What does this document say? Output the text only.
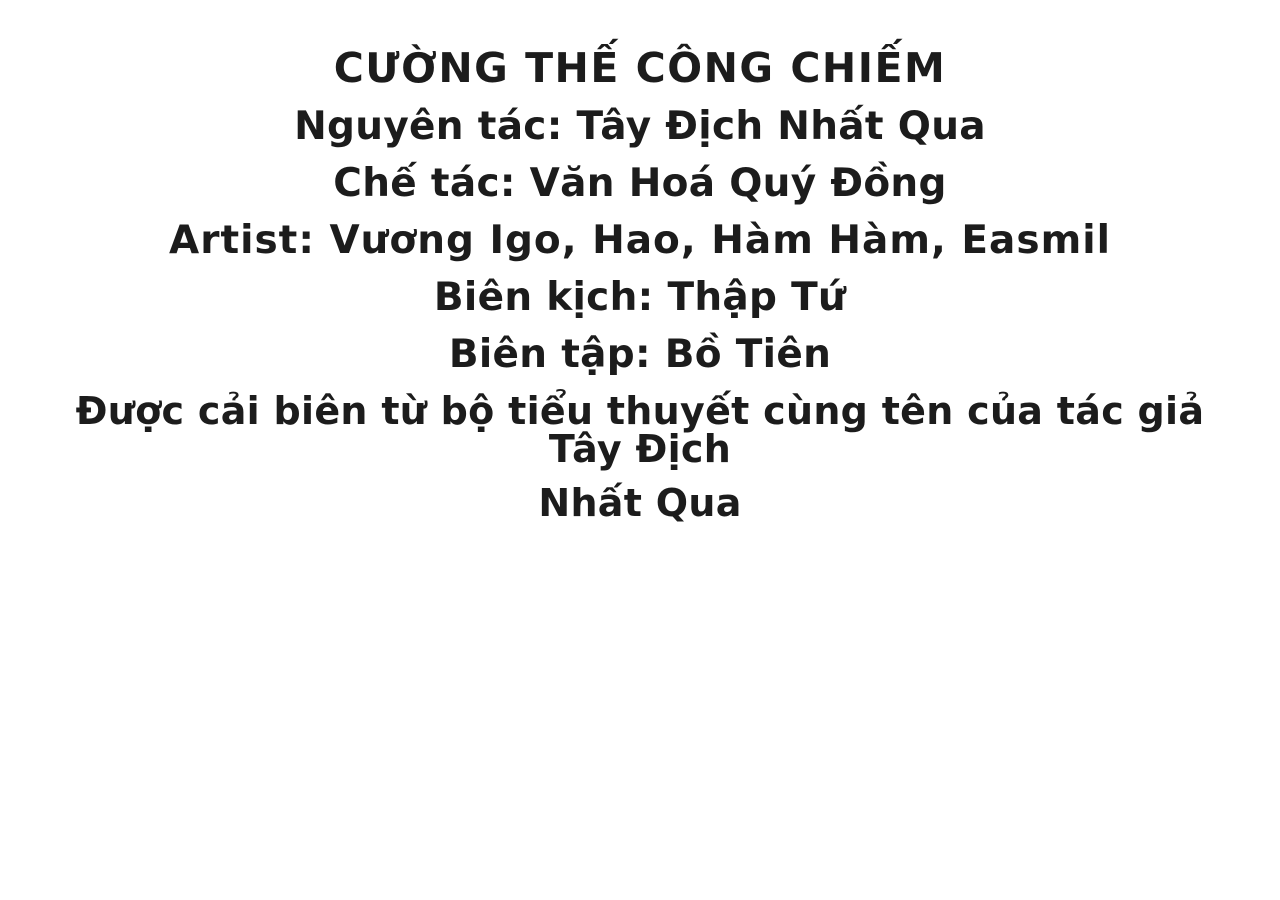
CƯỜNG THẾ CÔNG CHIẾM
Nguyên tác: Tây Địch Nhất Qua
Chế tác: Văn Hoá Quý Đồng
Artist: Vương Igo, Hao, Hàm Hàm, Easmil
Biên kịch: Thập Tứ
Biên tập: Bồ Tiên
Được cải biên từ bộ tiểu thuyết cùng tên của tác giả Tây Địch
Nhất Qua
